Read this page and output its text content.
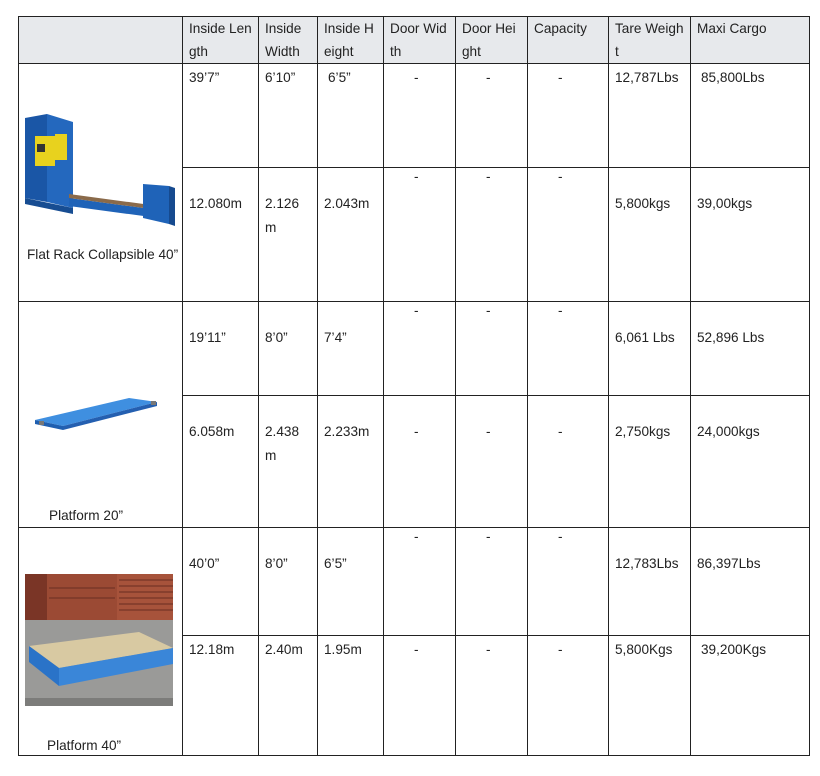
	Inside Length	Inside Width	Inside Height	Door Width	Door Height	Capacity	Tare Weight	Maxi Cargo

Flat Rack Collapsible 40”	39’7”	6’10”	6’5”	-	-	-	12,787Lbs	85,800Lbs
	12.080m	2.126 m	2.043m	-	-	-	5,800kgs	39,00kgs

Platform 20”	19’11”	8’0”	7’4”	-	-	-	6,061 Lbs	52,896 Lbs
	6.058m	2.438 m	2.233m	-	-	-	2,750kgs	24,000kgs

Platform 40”	40’0”	8’0”	6’5”	-	-	-	12,783Lbs	86,397Lbs
	12.18m	2.40m	1.95m	-	-	-	5,800Kgs	39,200Kgs
